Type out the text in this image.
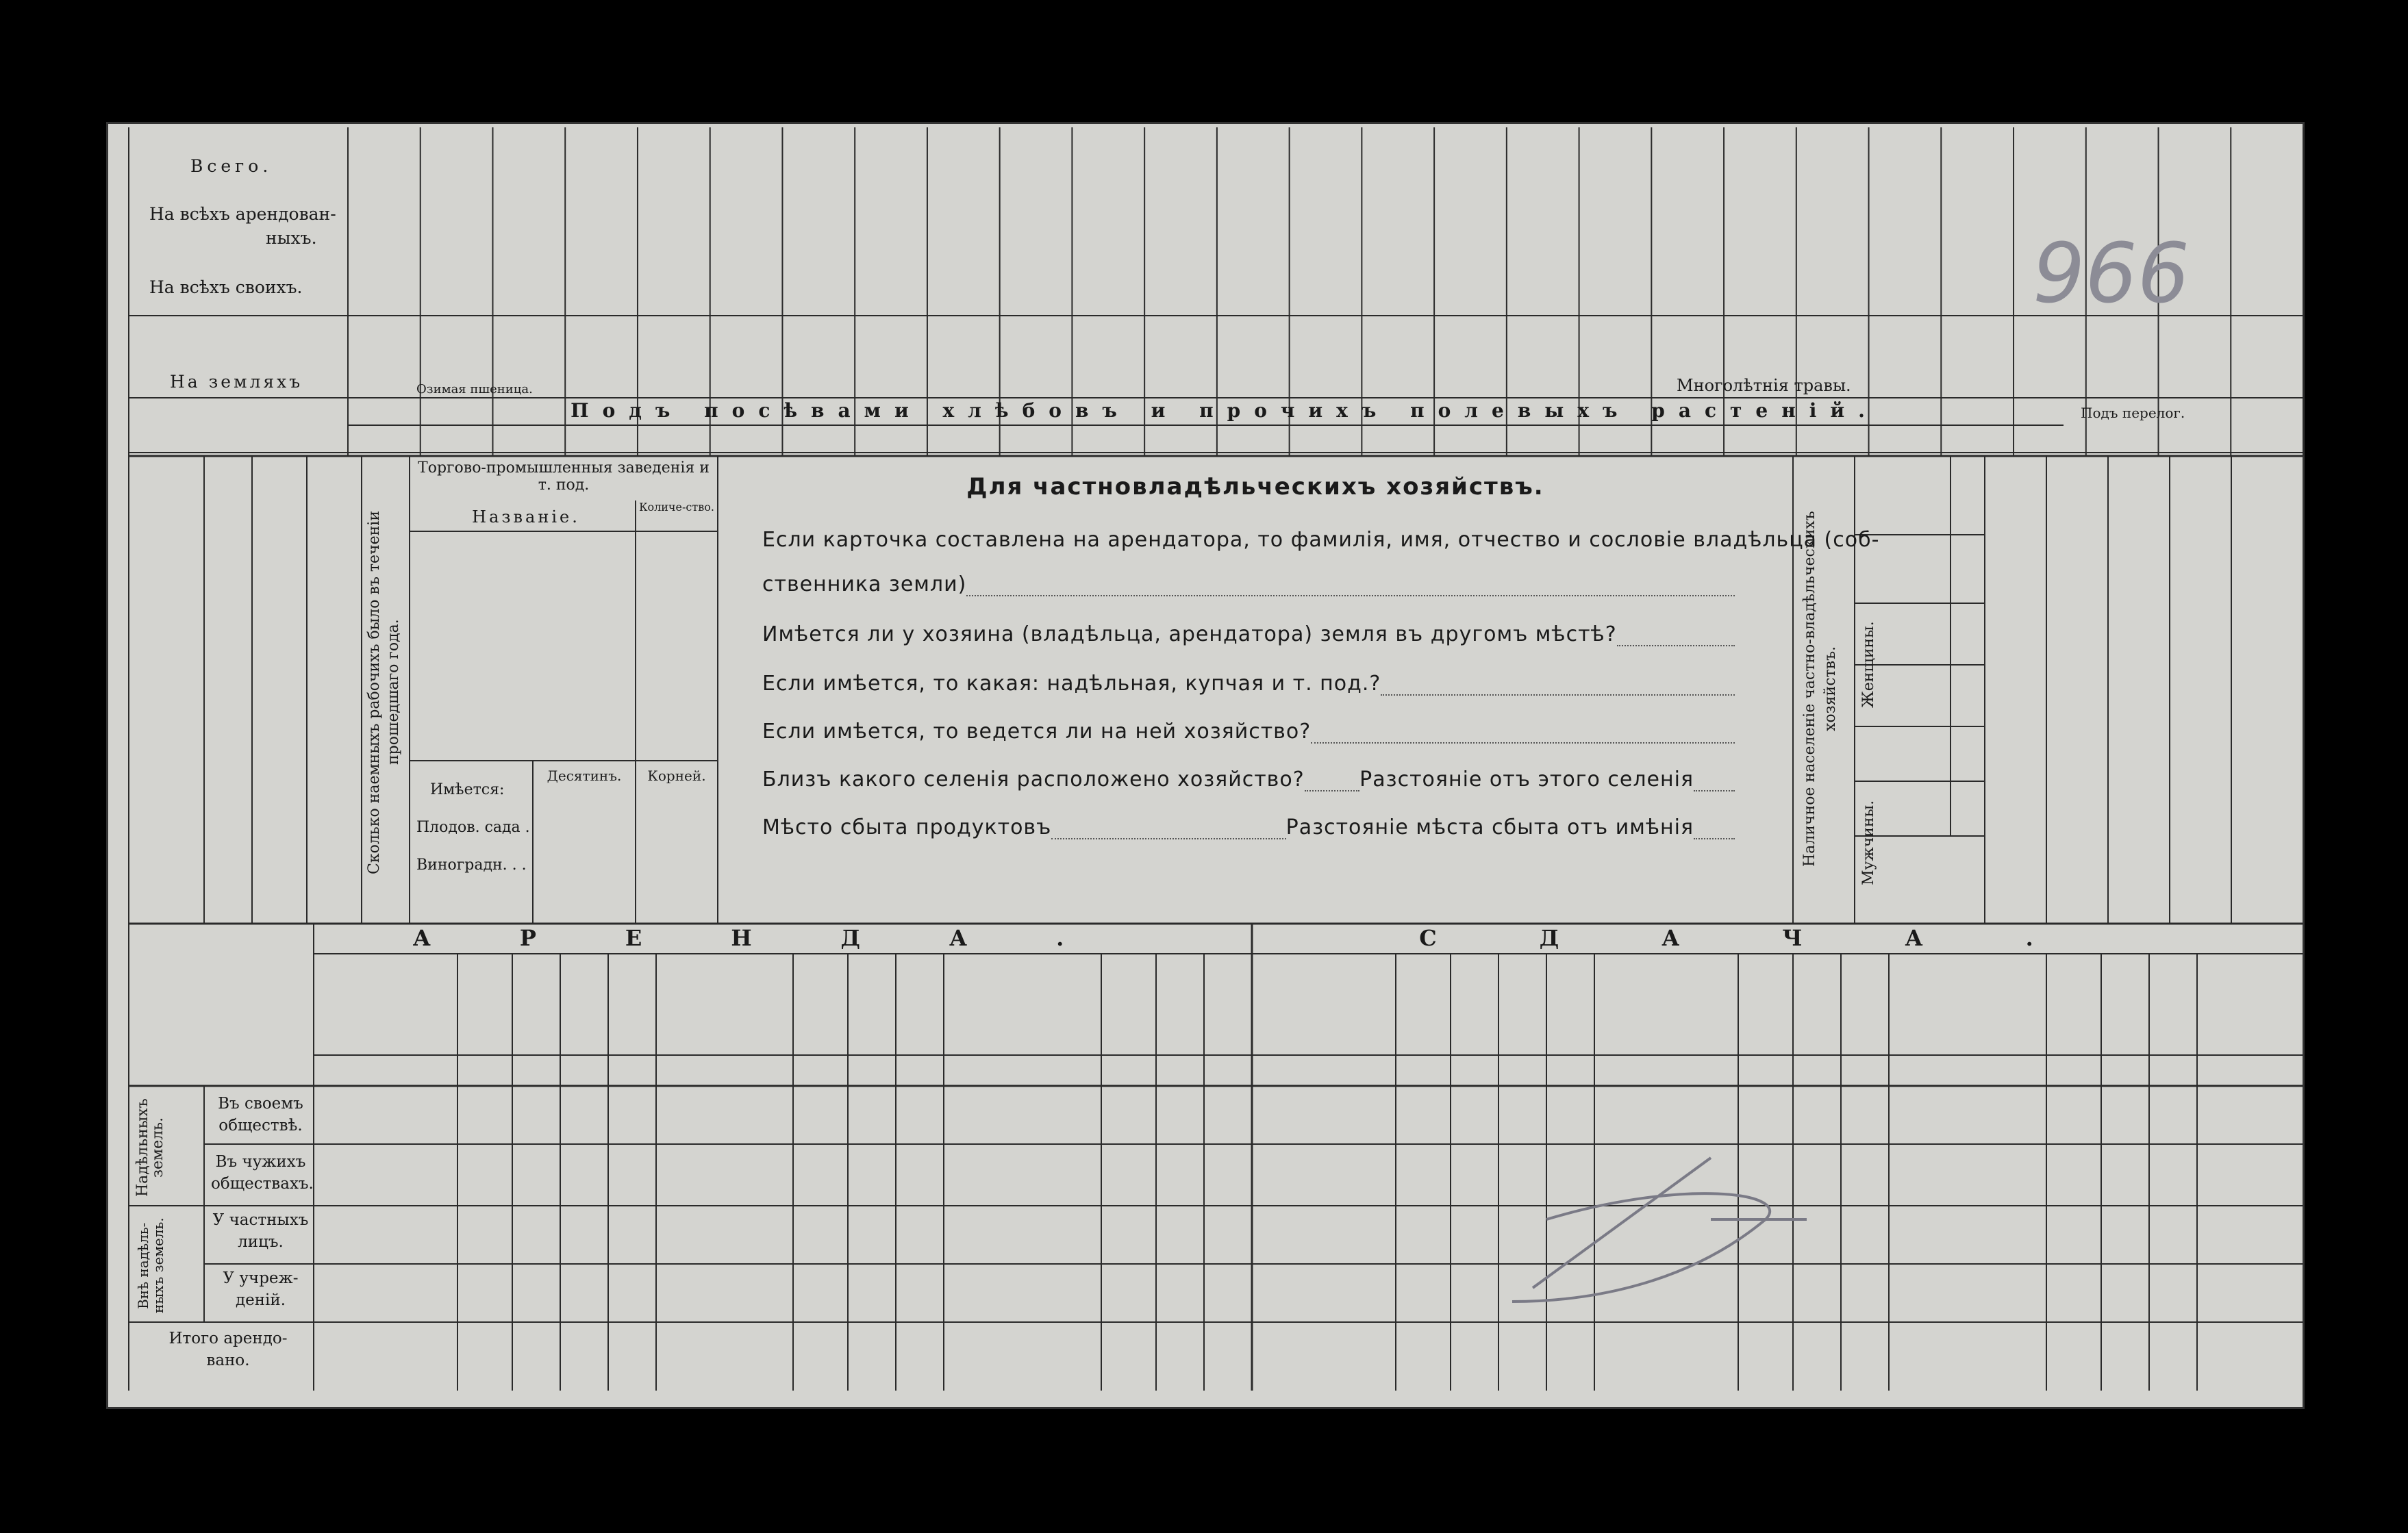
Всего.
На всѣхъ арендован-
ныхъ.
На всѣхъ своихъ.
На земляхъ	Озимая пшеница.	Многолѣтнiя травы.
Подъ перелог.
Подъ посѣвами хлѣбовъ и прочихъ полевыхъ растенiй.
966
Сколько наемныхъ рабочихъ было въ теченiи прошедшаго года.
Торгово-промышленныя заведенiя и т. под.
Названiе.
Количе-ство.
Десятинъ.	Корней.
Имѣется:
Плодов. сада .
Виноградн. . .
Для частновладѣльческихъ хозяйствъ.
Если карточка составлена на арендатора, то фамилiя, имя, отчество и сословiе владѣльца (соб-
ственника земли)
Имѣется ли у хозяина (владѣльца, арендатора) земля въ другомъ мѣстѣ?
Если имѣется, то какая: надѣльная, купчая и т. под.?
Если имѣется, то ведется ли на ней хозяйство?
Близъ какого селенiя расположено хозяйство?	Разстоянiе отъ этого селенiя
Мѣсто сбыта продуктовъ	Разстоянiе мѣста сбыта отъ имѣнiя	Наличное населенiе частно-владѣльческихъ хозяйствъ. Женщины.
Мужчины.
АРЕНДА.	СДАЧА.
Надѣльныхъ земель.
Внѣ надѣль-ныхъ земель.
Въ своемъ обществѣ.
Въ чужихъ обществахъ.
У частныхъ лицъ.
У учреж-денiй.
Итого арендо-вано.
